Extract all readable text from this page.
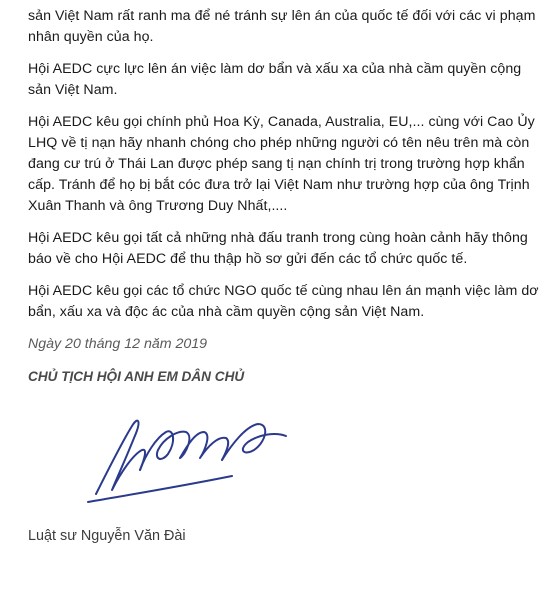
sản Việt Nam rất ranh ma để né tránh sự lên án của quốc tế đối với các vi phạm nhân quyền của họ.

Hội AEDC cực lực lên án việc làm dơ bẩn và xấu xa của nhà cầm quyền cộng sản Việt Nam.

Hội AEDC kêu gọi chính phủ Hoa Kỳ, Canada, Australia, EU,... cùng với Cao Ủy LHQ về tị nạn hãy nhanh chóng cho phép những người có tên nêu trên mà còn đang cư trú ở Thái Lan được phép sang tị nạn chính trị trong trường hợp khẩn cấp. Tránh để họ bị bắt cóc đưa trở lại Việt Nam như trường hợp của ông Trịnh Xuân Thanh và ông Trương Duy Nhất,....

Hội AEDC kêu gọi tất cả những nhà đấu tranh trong cùng hoàn cảnh hãy thông báo về cho Hội AEDC để thu thập hồ sơ gửi đến các tổ chức quốc tế.

Hội AEDC kêu gọi các tổ chức NGO quốc tế cùng nhau lên án mạnh việc làm dơ bẩn, xấu xa và độc ác của nhà cầm quyền cộng sản Việt Nam.

Ngày 20 tháng 12 năm 2019

CHỦ TỊCH HỘI ANH EM DÂN CHỦ

Luật sư Nguyễn Văn Đài
